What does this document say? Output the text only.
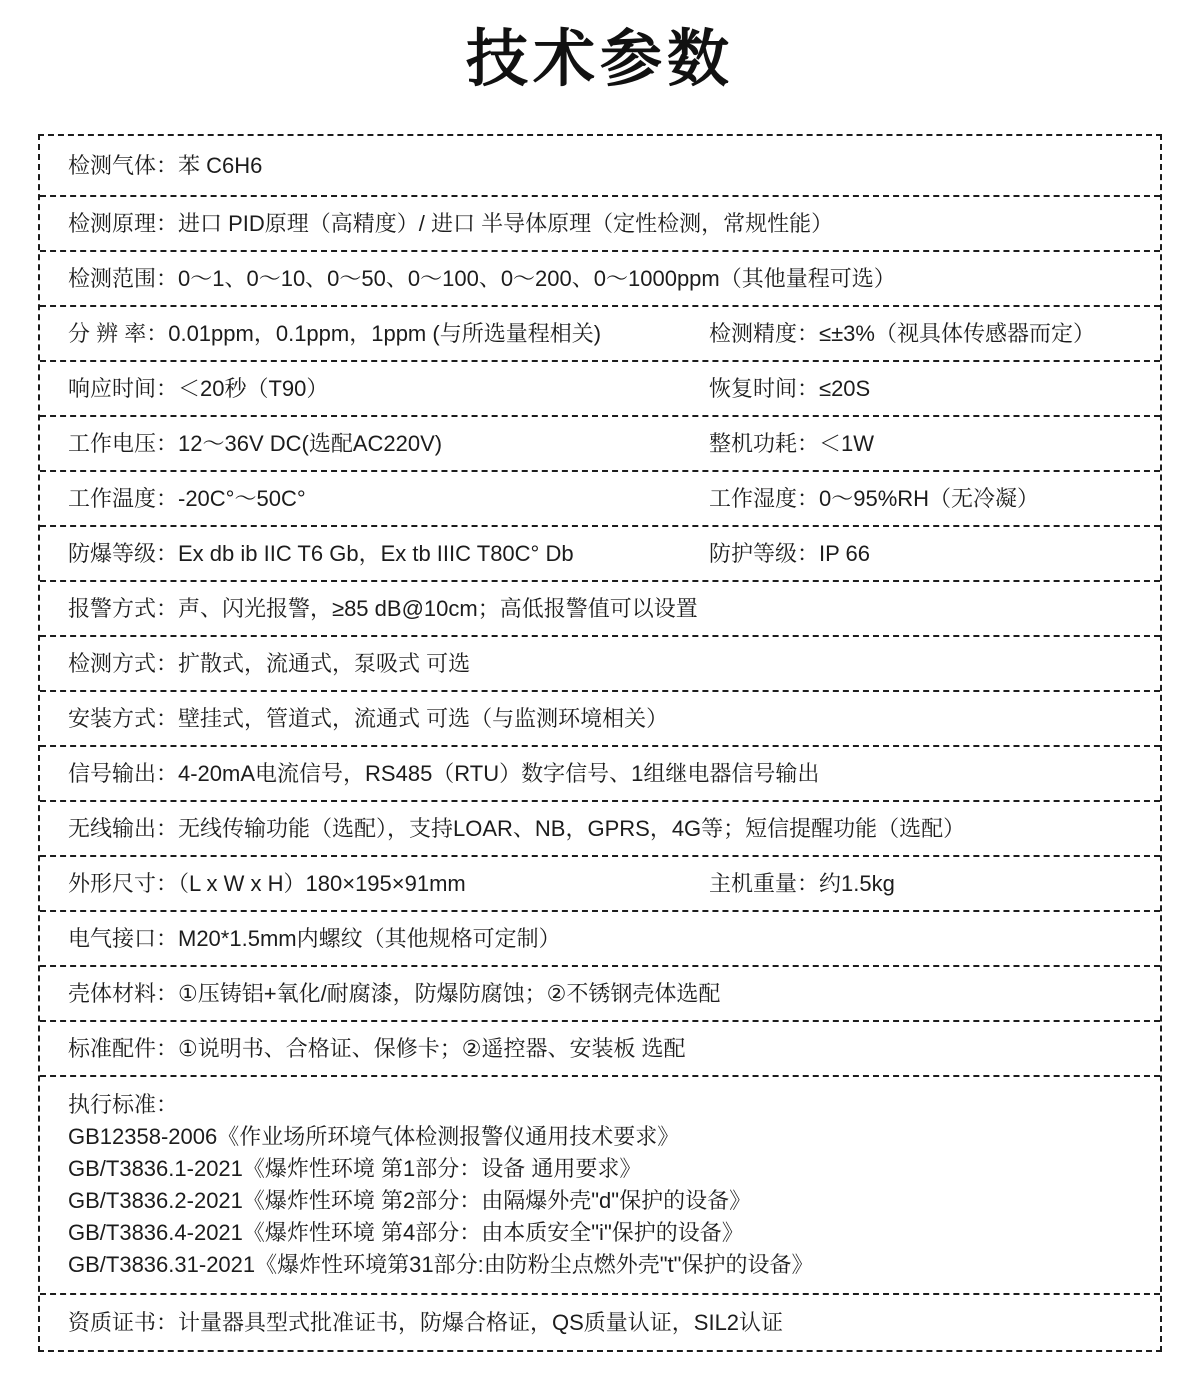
技术参数
检测气体：苯 C6H6
检测原理：进口 PID原理（高精度）/ 进口 半导体原理（定性检测，常规性能）
检测范围：0～1、0～10、0～50、0～100、0～200、0～1000ppm（其他量程可选）
分 辨 率：0.01ppm，0.1ppm，1ppm (与所选量程相关)	检测精度：≤±3%（视具体传感器而定）
响应时间：＜20秒（T90）	恢复时间：≤20S
工作电压：12～36V DC(选配AC220V)	整机功耗：＜1W
工作温度：-20C°～50C°	工作湿度：0～95%RH（无冷凝）
防爆等级：Ex db ib IIC T6 Gb，Ex tb IIIC T80C° Db	防护等级：IP 66
报警方式：声、闪光报警，≥85 dB@10cm；高低报警值可以设置
检测方式：扩散式，流通式，泵吸式 可选
安装方式：壁挂式，管道式，流通式 可选（与监测环境相关）
信号输出：4-20mA电流信号，RS485（RTU）数字信号、1组继电器信号输出
无线输出：无线传输功能（选配），支持LOAR、NB，GPRS，4G等；短信提醒功能（选配）
外形尺寸：（L x W x H）180×195×91mm	主机重量：约1.5kg
电气接口：M20*1.5mm内螺纹（其他规格可定制）
壳体材料：①压铸铝+氧化/耐腐漆，防爆防腐蚀；②不锈钢壳体选配
标准配件：①说明书、合格证、保修卡；②遥控器、安装板 选配
执行标准：
GB12358-2006《作业场所环境气体检测报警仪通用技术要求》
GB/T3836.1-2021《爆炸性环境 第1部分：设备 通用要求》
GB/T3836.2-2021《爆炸性环境 第2部分：由隔爆外壳"d"保护的设备》
GB/T3836.4-2021《爆炸性环境 第4部分：由本质安全"i"保护的设备》
GB/T3836.31-2021《爆炸性环境第31部分:由防粉尘点燃外壳"t"保护的设备》
资质证书：计量器具型式批准证书，防爆合格证，QS质量认证，SIL2认证
